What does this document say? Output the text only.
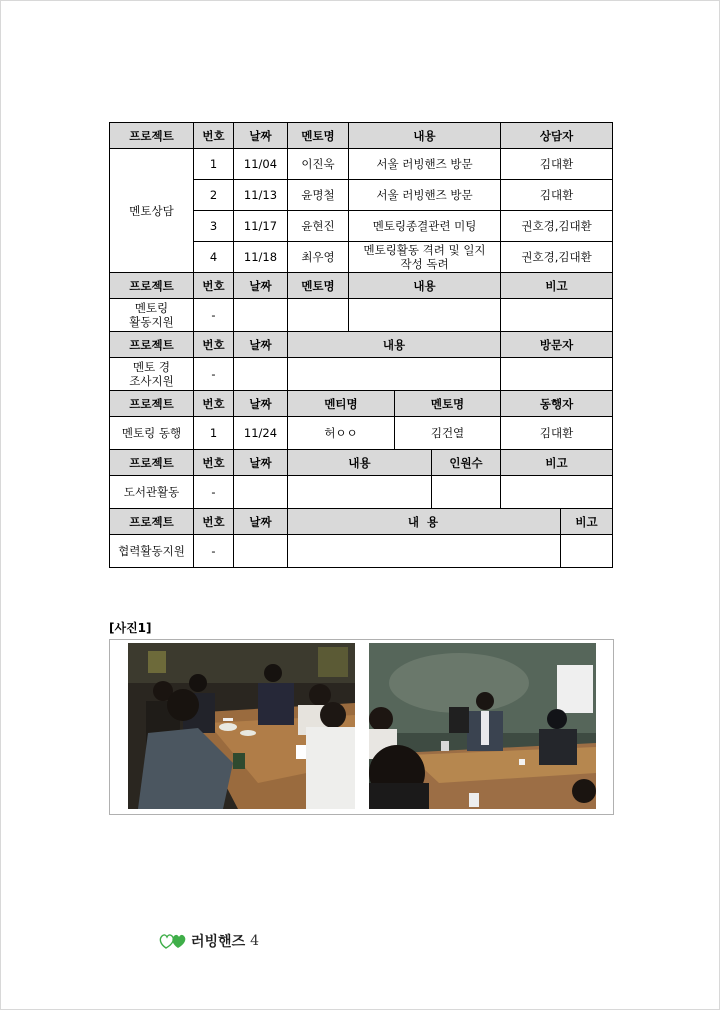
프로젝트	번호	날짜	멘토명	내용			상담자	
멘토상담	1	11/04	이진욱	서울 러빙핸즈 방문			김대환	
	2	11/13	윤명철	서울 러빙핸즈 방문			김대환	
	3	11/17	윤현진	멘토링종결관련 미팅			권호경,김대환	
	4	11/18	최우영	멘토링활동 격려 및 일지작성 독려			권호경,김대환	
프로젝트	번호	날짜	멘토명	내용			비고	
멘토링 활동지원	-							
프로젝트	번호	날짜	내용				방문자	
멘토 경조사지원	-							
프로젝트	번호	날짜	멘티명		멘토명		동행자	
멘토링 동행	1	11/24	허ㅇㅇ		김건열		김대환	
프로젝트	번호	날짜	내용			인원수	비고	
도서관활동	-							
프로젝트	번호	날짜	내 용					비고
협력활동지원	-							
[사진1]
러빙핸즈 4
